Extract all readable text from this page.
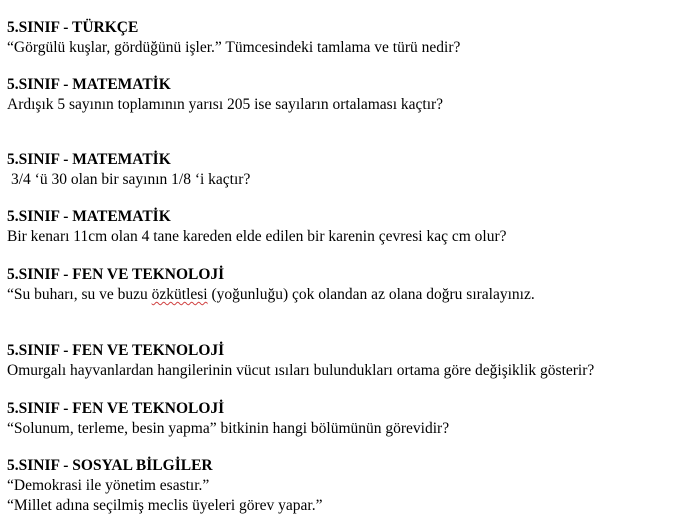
5.SINIF - TÜRKÇE
“Görgülü kuşlar, gördüğünü işler.” Tümcesindeki tamlama ve türü nedir?
5.SINIF - MATEMATİK
Ardışık 5 sayının toplamının yarısı 205 ise sayıların ortalaması kaçtır?
5.SINIF - MATEMATİK
3/4 ‘ü 30 olan bir sayının 1/8 ‘i kaçtır?
5.SINIF - MATEMATİK
Bir kenarı 11cm olan 4 tane kareden elde edilen bir karenin çevresi kaç cm olur?
5.SINIF - FEN VE TEKNOLOJİ
“Su buharı, su ve buzu özkütlesi (yoğunluğu) çok olandan az olana doğru sıralayınız.
5.SINIF - FEN VE TEKNOLOJİ
Omurgalı hayvanlardan hangilerinin vücut ısıları bulundukları ortama göre değişiklik gösterir?
5.SINIF - FEN VE TEKNOLOJİ
“Solunum, terleme, besin yapma” bitkinin hangi bölümünün görevidir?
5.SINIF - SOSYAL BİLGİLER
“Demokrasi ile yönetim esastır.”
“Millet adına seçilmiş meclis üyeleri görev yapar.”
